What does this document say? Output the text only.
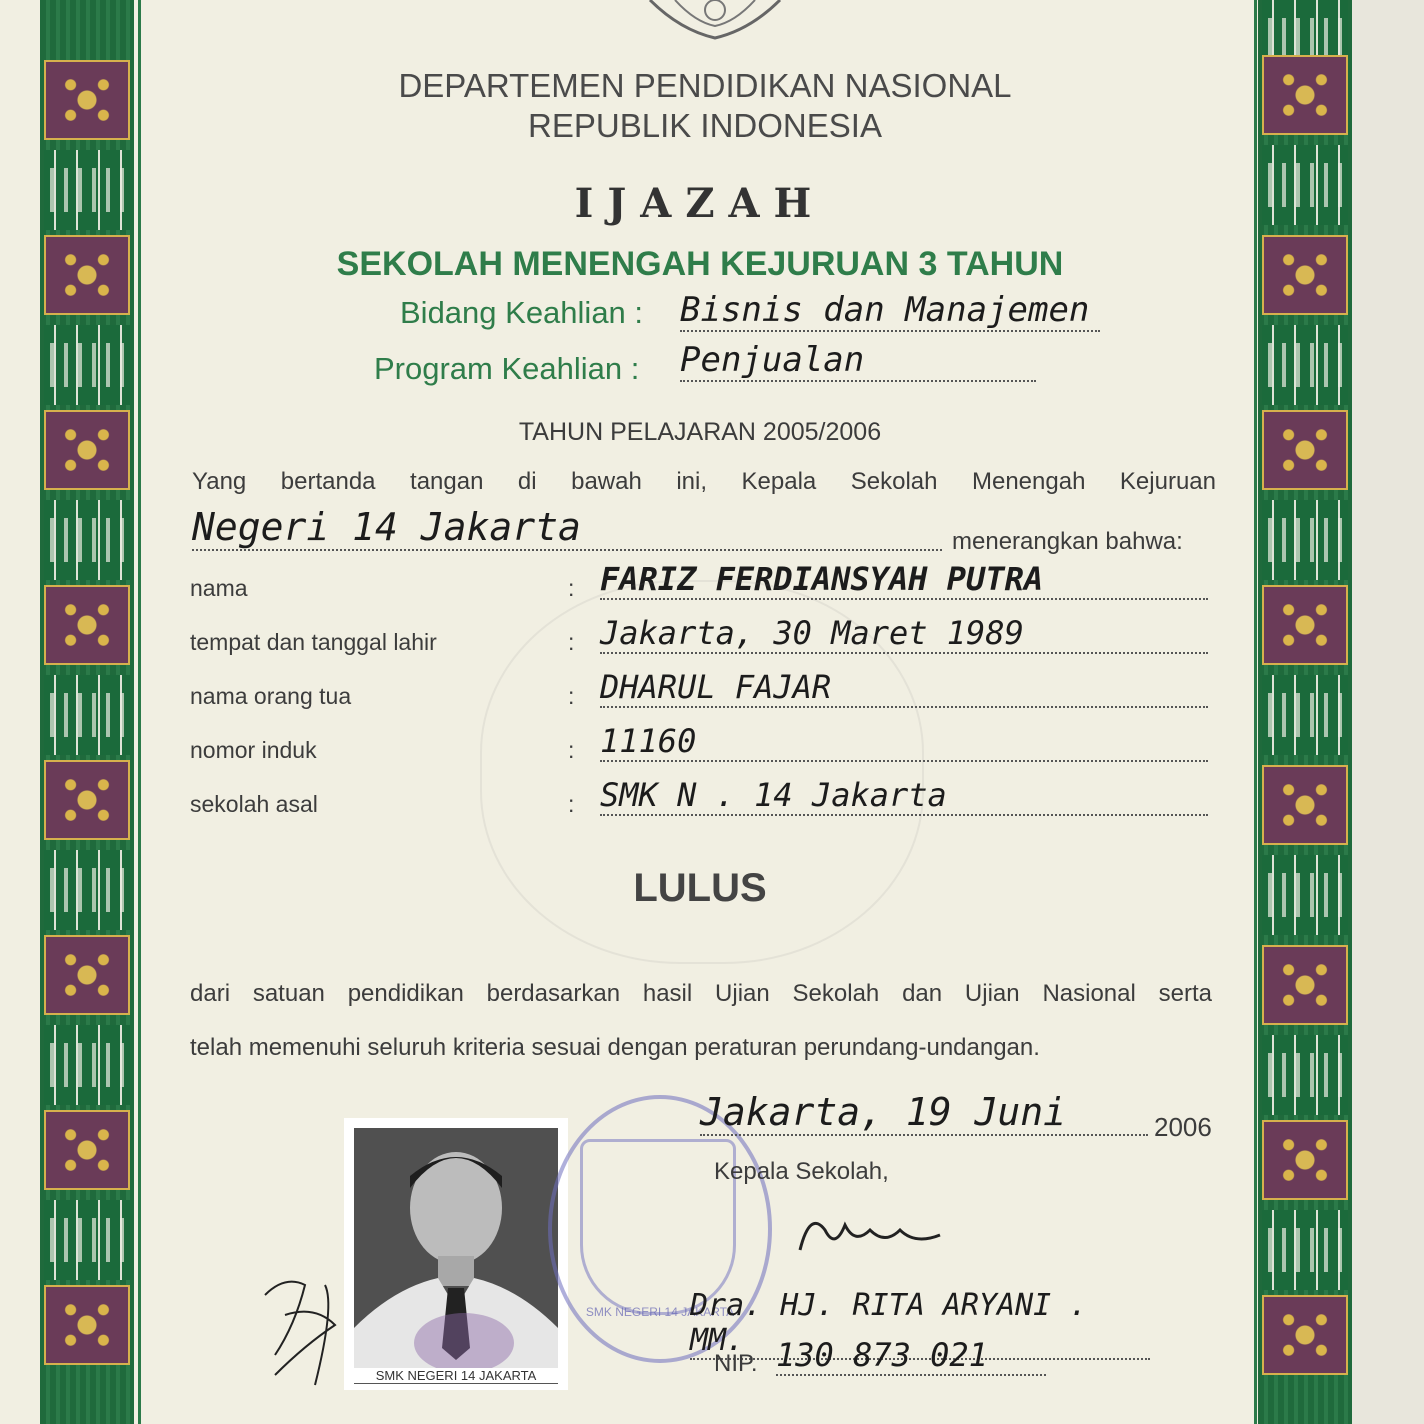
DEPARTEMEN PENDIDIKAN NASIONAL
REPUBLIK INDONESIA
IJAZAH
SEKOLAH MENENGAH KEJURUAN 3 TAHUN
Bidang Keahlian : Bisnis dan Manajemen
Program Keahlian : Penjualan
TAHUN PELAJARAN 2005/2006
Yang bertanda tangan di bawah ini, Kepala Sekolah Menengah Kejuruan
Negeri 14 Jakarta	menerangkan bahwa:
nama	: FARIZ FERDIANSYAH PUTRA
tempat dan tanggal lahir	: Jakarta, 30 Maret 1989
nama orang tua	: DHARUL FAJAR
nomor induk	: 11160
sekolah asal	: SMK N . 14 Jakarta
LULUS
dari satuan pendidikan berdasarkan hasil Ujian Sekolah dan Ujian Nasional serta
telah memenuhi seluruh kriteria sesuai dengan peraturan perundang-undangan.
SMK NEGERI 14 JAKARTA
SMK NEGERI 14 JAKARTA
Jakarta, 19 Juni	2006
Kepala Sekolah,
Dra. HJ. RITA ARYANI . MM.
NIP. 130 873 021
